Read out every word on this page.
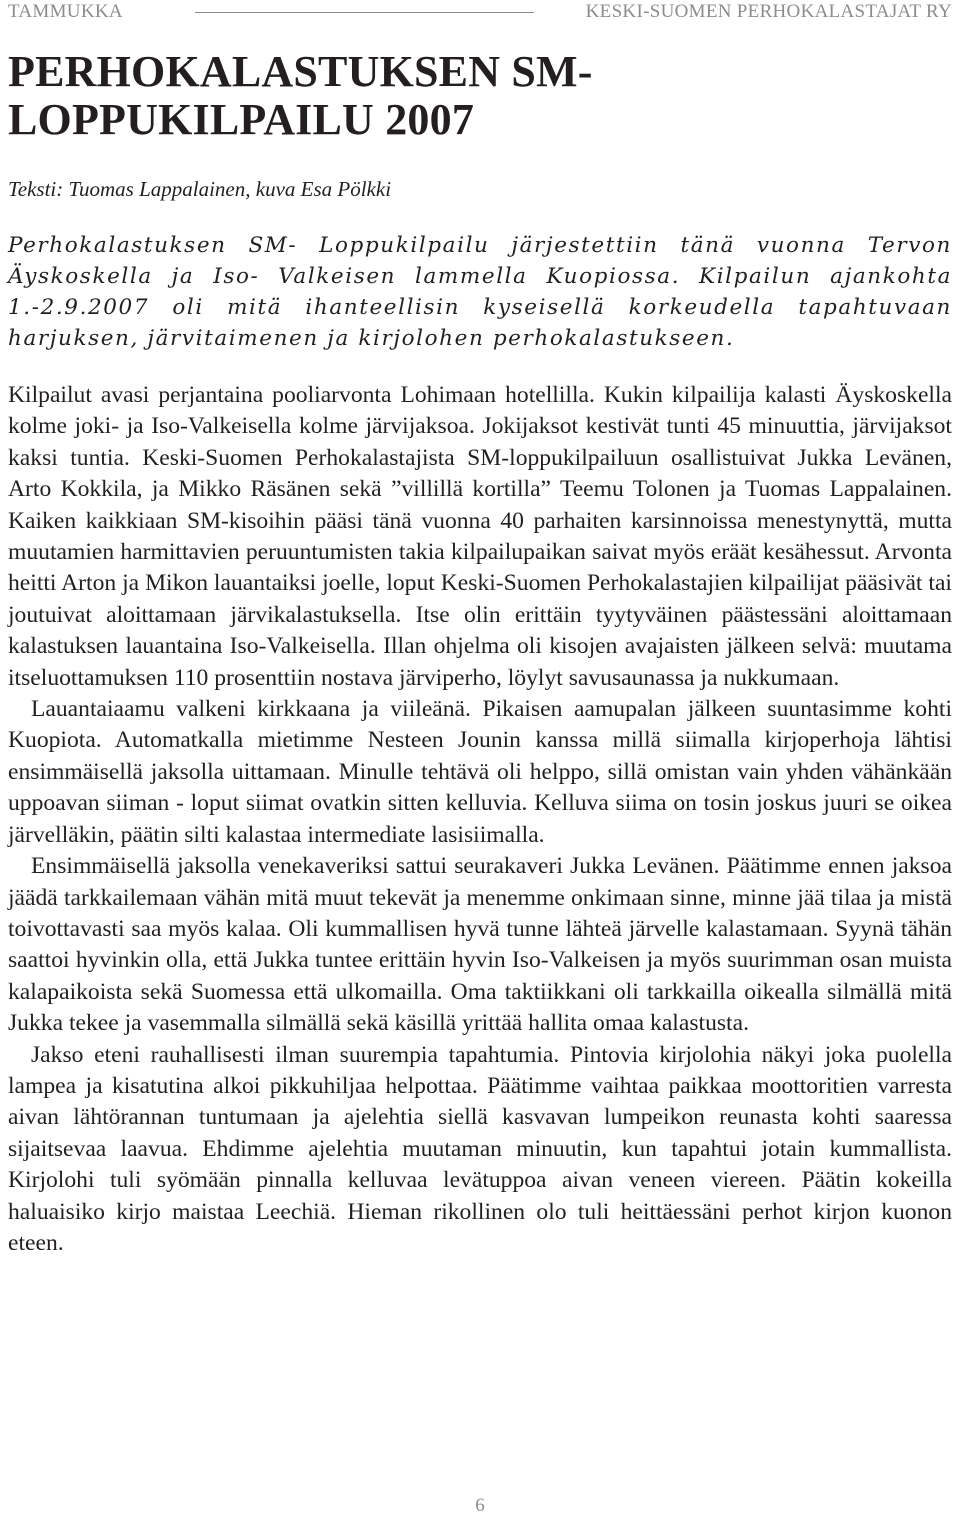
TAMMUKKA	KESKI-SUOMEN PERHOKALASTAJAT RY
PERHOKALASTUKSEN SM- LOPPUKILPAILU 2007

Teksti: Tuomas Lappalainen, kuva Esa Pölkki

Perhokalastuksen SM- Loppukilpailu järjestettiin tänä vuonna Tervon Äyskoskella ja Iso- Valkeisen lammella Kuopiossa. Kilpailun ajankohta 1.-2.9.2007 oli mitä ihanteellisin kyseisellä korkeudella tapahtuvaan harjuksen, järvitaimenen ja kirjolohen perhokalastukseen.

Kilpailut avasi perjantaina pooliarvonta Lohimaan hotellilla. Kukin kilpailija kalasti Äyskoskella kolme joki- ja Iso-Valkeisella kolme järvijaksoa. Jokijaksot kestivät tunti 45 minuuttia, järvijaksot kaksi tuntia. Keski-Suomen Perhokalastajista SM-loppukilpailuun osallistuivat Jukka Levänen, Arto Kokkila, ja Mikko Räsänen sekä ”villillä kortilla” Teemu Tolonen ja Tuomas Lappalainen. Kaiken kaikkiaan SM-kisoihin pääsi tänä vuonna 40 parhaiten karsinnoissa menestynyttä, mutta muutamien harmittavien peruuntumisten takia kilpailupaikan saivat myös eräät kesähessut. Arvonta heitti Arton ja Mikon lauantaiksi joelle, loput Keski-Suomen Perhokalastajien kilpailijat pääsivät tai joutuivat aloittamaan järvikalastuksella. Itse olin erittäin tyytyväinen päästessäni aloittamaan kalastuksen lauantaina Iso-Valkeisella. Illan ohjelma oli kisojen avajaisten jälkeen selvä: muutama itseluottamuksen 110 prosenttiin nostava järviperho, löylyt savusaunassa ja nukkumaan.

Lauantaiaamu valkeni kirkkaana ja viileänä. Pikaisen aamupalan jälkeen suuntasimme kohti Kuopiota. Automatkalla mietimme Nesteen Jounin kanssa millä siimalla kirjoperhoja lähtisi ensimmäisellä jaksolla uittamaan. Minulle tehtävä oli helppo, sillä omistan vain yhden vähänkään uppoavan siiman - loput siimat ovatkin sitten kelluvia. Kelluva siima on tosin joskus juuri se oikea järvelläkin, päätin silti kalastaa intermediate lasisiimalla.

Ensimmäisellä jaksolla venekaveriksi sattui seurakaveri Jukka Levänen. Päätimme ennen jaksoa jäädä tarkkailemaan vähän mitä muut tekevät ja menemme onkimaan sinne, minne jää tilaa ja mistä toivottavasti saa myös kalaa. Oli kummallisen hyvä tunne lähteä järvelle kalastamaan. Syynä tähän saattoi hyvinkin olla, että Jukka tuntee erittäin hyvin Iso-Valkeisen ja myös suurimman osan muista kalapaikoista sekä Suomessa että ulkomailla. Oma taktiikkani oli tarkkailla oikealla silmällä mitä Jukka tekee ja vasemmalla silmällä sekä käsillä yrittää hallita omaa kalastusta.

Jakso eteni rauhallisesti ilman suurempia tapahtumia. Pintovia kirjolohia näkyi joka puolella lampea ja kisatutina alkoi pikkuhiljaa helpottaa. Päätimme vaihtaa paikkaa moottoritien varresta aivan lähtörannan tuntumaan ja ajelehtia siellä kasvavan lumpeikon reunasta kohti saaressa sijaitsevaa laavua. Ehdimme ajelehtia muutaman minuutin, kun tapahtui jotain kummallista. Kirjolohi tuli syömään pinnalla kelluvaa levätuppoa aivan veneen viereen. Päätin kokeilla haluaisiko kirjo maistaa Leechiä. Hieman rikollinen olo tuli heittäessäni perhot kirjon kuonon eteen.

6
